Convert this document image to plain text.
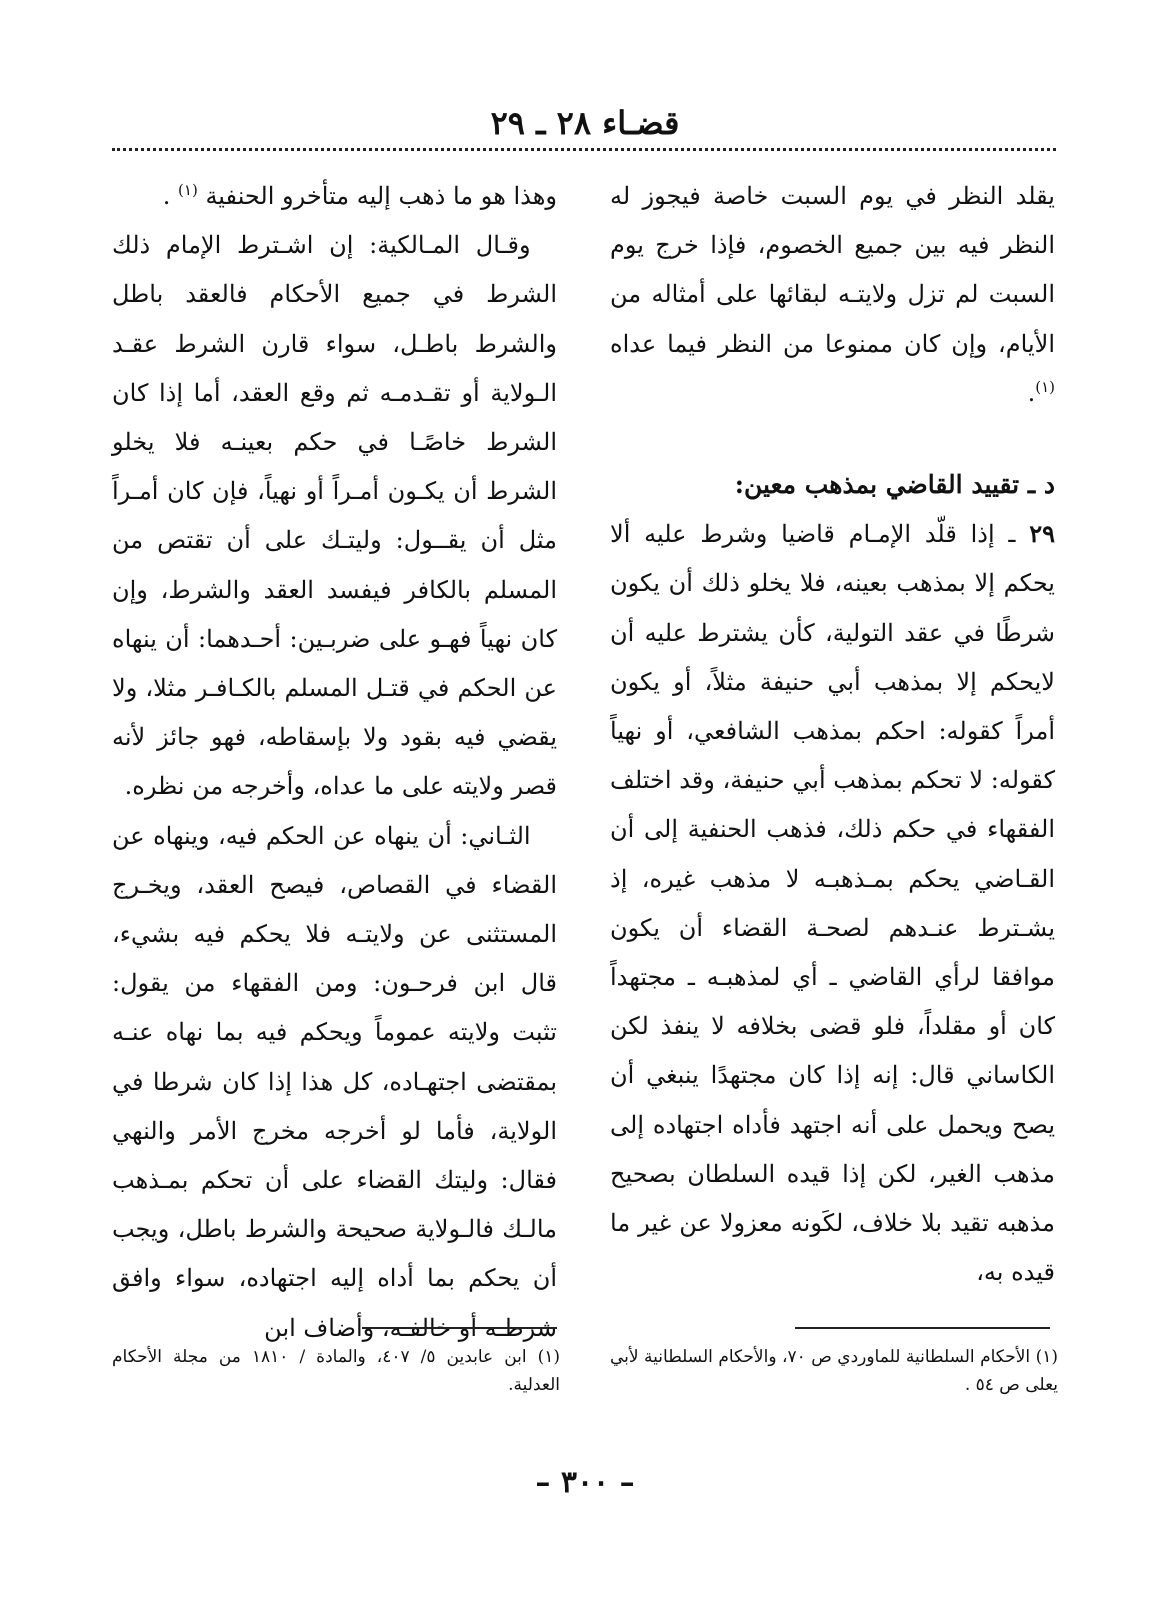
قضـاء ٢٨ ـ ٢٩

يقلد النظر في يوم السبت خاصة فيجوز له النظر فيه بين جميع الخصوم، فإذا خرج يوم السبت لم تزل ولايتـه لبقائها على أمثاله من الأيام، وإن كان ممنوعا من النظر فيما عداه $^{(١)}$.

د ـ تقييد القاضي بمذهب معين:

٢٩ ـ إذا قلّد الإمـام قاضيا وشرط عليه ألا يحكم إلا بمذهب بعينه، فلا يخلو ذلك أن يكون شرطًا في عقد التولية، كأن يشترط عليه أن لايحكم إلا بمذهب أبي حنيفة مثلاً، أو يكون أمراً كقوله: احكم بمذهب الشافعي، أو نهياً كقوله: لا تحكم بمذهب أبي حنيفة، وقد اختلف الفقهاء في حكم ذلك، فذهب الحنفية إلى أن القـاضي يحكم بمـذهبـه لا مذهب غيره، إذ يشـترط عنـدهم لصحـة القضاء أن يكون موافقا لرأي القاضي ـ أي لمذهبـه ـ مجتهداً كان أو مقلداً، فلو قضى بخلافه لا ينفذ لكن الكاساني قال: إنه إذا كان مجتهدًا ينبغي أن يصح ويحمل على أنه اجتهد فأداه اجتهاده إلى مذهب الغير، لكن إذا قيده السلطان بصحيح مذهبه تقيد بلا خلاف، لكَونه معزولا عن غير ما قيده به،

وهذا هو ما ذهب إليه متأخرو الحنفية $^{(١)}$ .

وقـال المـالكية: إن اشـترط الإمام ذلك الشرط في جميع الأحكام فالعقد باطل والشرط باطـل، سواء قارن الشرط عقـد الـولاية أو تقـدمـه ثم وقع العقد، أما إذا كان الشرط خاصًـا في حكم بعينـه فلا يخلو الشرط أن يكـون أمـراً أو نهياً، فإن كان أمـراً مثل أن يقــول: وليتـك على أن تقتص من المسلم بالكافر فيفسد العقد والشرط، وإن كان نهياً فهـو على ضربـين: أحـدهما: أن ينهاه عن الحكم في قتـل المسلم بالكـافـر مثلا، ولا يقضي فيه بقود ولا بإسقاطه، فهو جائز لأنه قصر ولايته على ما عداه، وأخرجه من نظره.

الثـاني: أن ينهاه عن الحكم فيه، وينهاه عن القضاء في القصاص، فيصح العقد، ويخـرج المستثنى عن ولايتـه فلا يحكم فيه بشيء، قال ابن فرحـون: ومن الفقهاء من يقول: تثبت ولايته عموماً ويحكم فيه بما نهاه عنـه بمقتضى اجتهـاده، كل هذا إذا كان شرطا في الولاية، فأما لو أخرجه مخرج الأمر والنهي فقال: وليتك القضاء على أن تحكم بمـذهب مالـك فالـولاية صحيحة والشرط باطل، ويجب أن يحكم بما أداه إليه اجتهاده، سواء وافق شرطـه أو خالفـه، وأضاف ابن

(١) الأحكام السلطانية للماوردي ص ٧٠، والأحكام السلطانية لأبي يعلى ص ٥٤ .
(١) ابن عابدين ٥/ ٤٠٧، والمادة / ١٨١٠ من مجلة الأحكام العدلية.
– ٣٠٠ –
